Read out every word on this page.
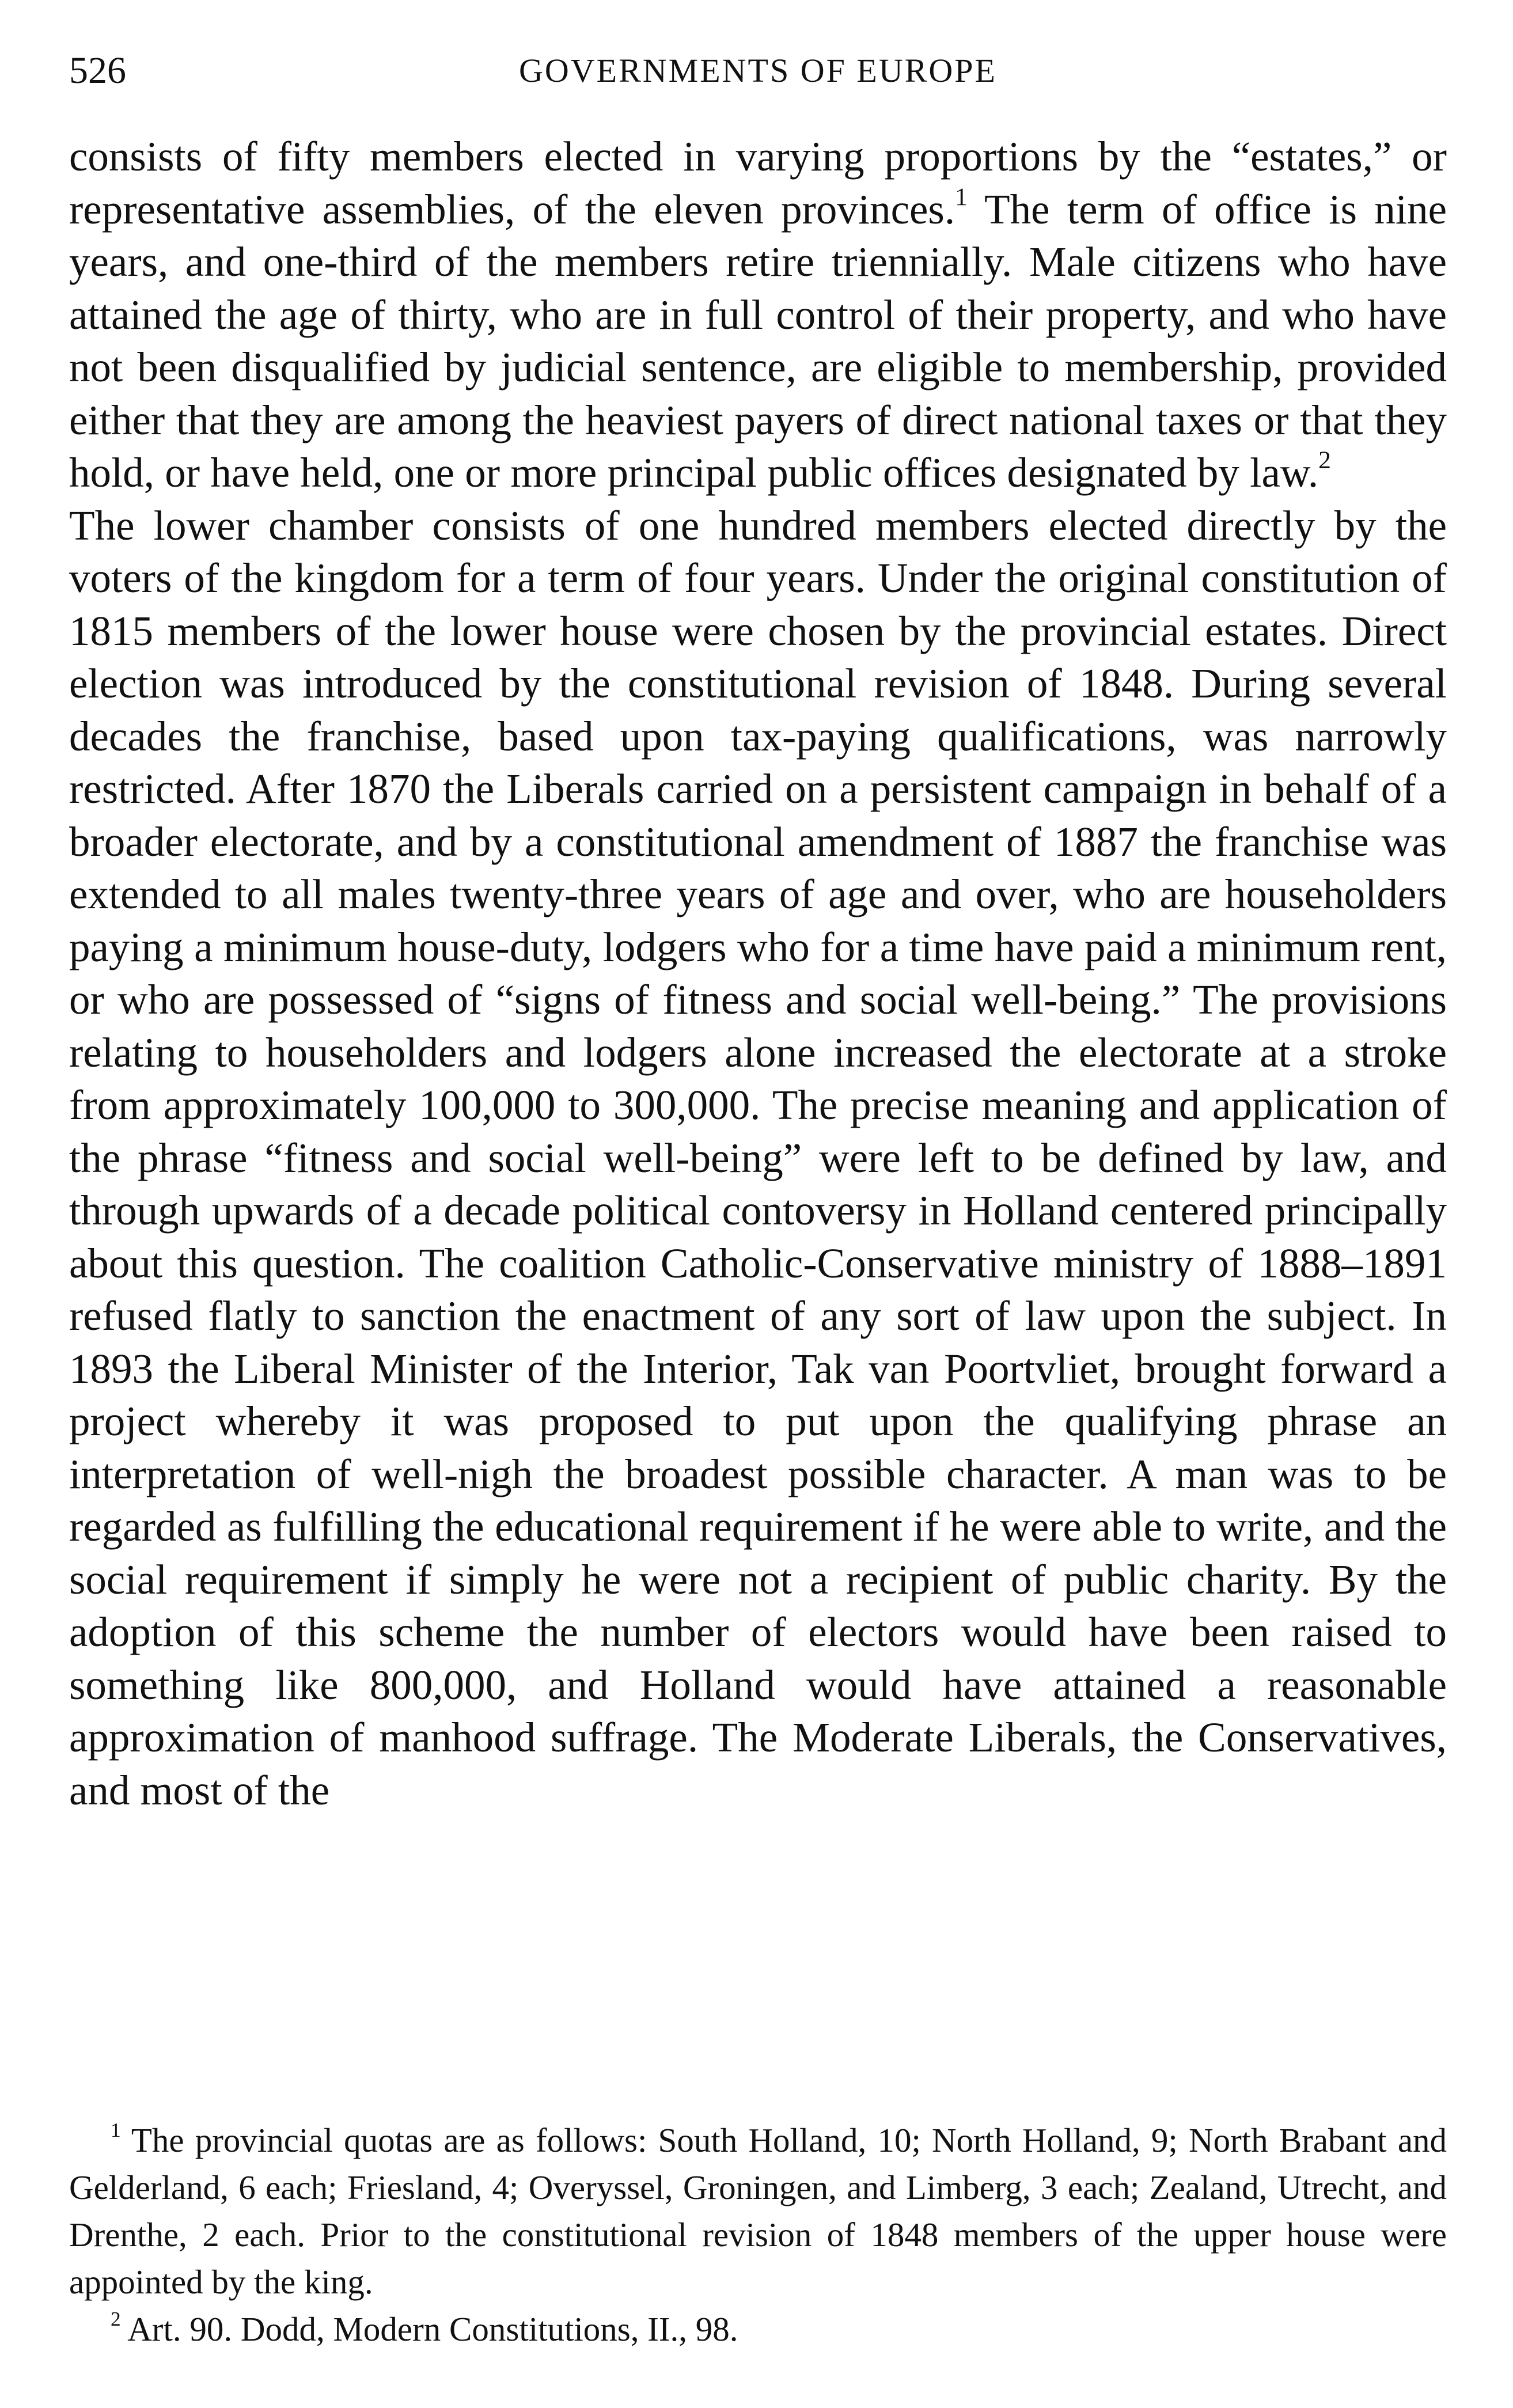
526	GOVERNMENTS OF EUROPE

consists of fifty members elected in varying proportions by the “estates,” or representative assemblies, of the eleven provinces.$^1$ The term of office is nine years, and one-third of the members retire triennially. Male citizens who have attained the age of thirty, who are in full control of their property, and who have not been disqualified by judicial sentence, are eligible to membership, provided either that they are among the heaviest payers of direct national taxes or that they hold, or have held, one or more principal public offices designated by law.$^2$

The lower chamber consists of one hundred members elected directly by the voters of the kingdom for a term of four years. Under the original constitution of 1815 members of the lower house were chosen by the provincial estates. Direct election was introduced by the constitutional revision of 1848. During several decades the franchise, based upon tax-paying qualifications, was narrowly restricted. After 1870 the Liberals carried on a persistent campaign in behalf of a broader electorate, and by a constitutional amendment of 1887 the franchise was extended to all males twenty-three years of age and over, who are householders paying a minimum house-duty, lodgers who for a time have paid a minimum rent, or who are possessed of “signs of fitness and social well-being.” The provisions relating to householders and lodgers alone increased the electorate at a stroke from approximately 100,000 to 300,000. The precise meaning and application of the phrase “fitness and social well-being” were left to be defined by law, and through upwards of a decade political contoversy in Holland centered principally about this question. The coalition Catholic-Conservative ministry of 1888–1891 refused flatly to sanction the enactment of any sort of law upon the subject. In 1893 the Liberal Minister of the Interior, Tak van Poortvliet, brought forward a project whereby it was proposed to put upon the qualifying phrase an interpretation of well-nigh the broadest possible character. A man was to be regarded as fulfilling the educational requirement if he were able to write, and the social requirement if simply he were not a recipient of public charity. By the adoption of this scheme the number of electors would have been raised to something like 800,000, and Holland would have attained a reasonable approximation of manhood suffrage. The Moderate Liberals, the Conservatives, and most of the

$^1$ The provincial quotas are as follows: South Holland, 10; North Holland, 9; North Brabant and Gelderland, 6 each; Friesland, 4; Overyssel, Groningen, and Limberg, 3 each; Zealand, Utrecht, and Drenthe, 2 each. Prior to the constitutional revision of 1848 members of the upper house were appointed by the king.

$^2$ Art. 90. Dodd, Modern Constitutions, II., 98.
